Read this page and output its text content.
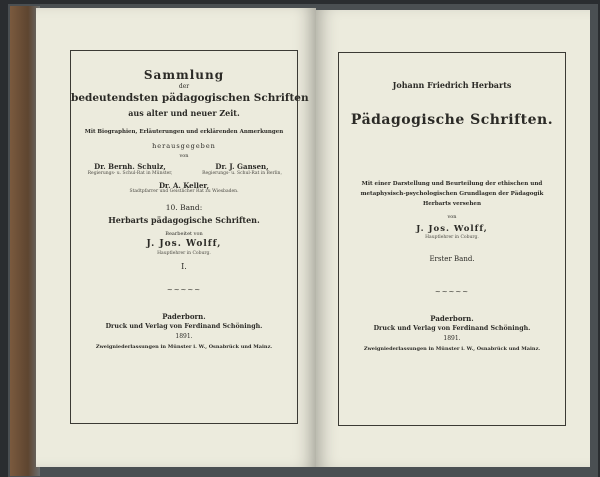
Sammlung
der
bedeutendsten pädagogischen Schriften
aus alter und neuer Zeit.
Mit Biographien, Erläuterungen und erklärenden Anmerkungen
herausgegeben
von
Dr. Bernh. Schulz,
Regierungs- u. Schul-Rat in Münster,
Dr. J. Gansen,
Regierungs- u. Schul-Rat in Berlin,
Dr. A. Keller,
Stadtpfarrer und Geistlicher Rat zu Wiesbaden.
10. Band:
Herbarts pädagogische Schriften.
Bearbeitet von
J. Jos. Wolff,
Hauptlehrer in Coburg.
I.
~~~~~
Paderborn.
Druck und Verlag von Ferdinand Schöningh.
1891.
Zweigniederlassungen in Münster i. W., Osnabrück und Mainz.
Johann Friedrich Herbarts
Pädagogische Schriften.
Mit einer Darstellung und Beurteilung der ethischen und
metaphysisch-psychologischen Grundlagen der Pädagogik
Herbarts versehen
von
J. Jos. Wolff,
Hauptlehrer in Coburg.
Erster Band.
~~~~~
Paderborn.
Druck und Verlag von Ferdinand Schöningh.
1891.
Zweigniederlassungen in Münster i. W., Osnabrück und Mainz.
